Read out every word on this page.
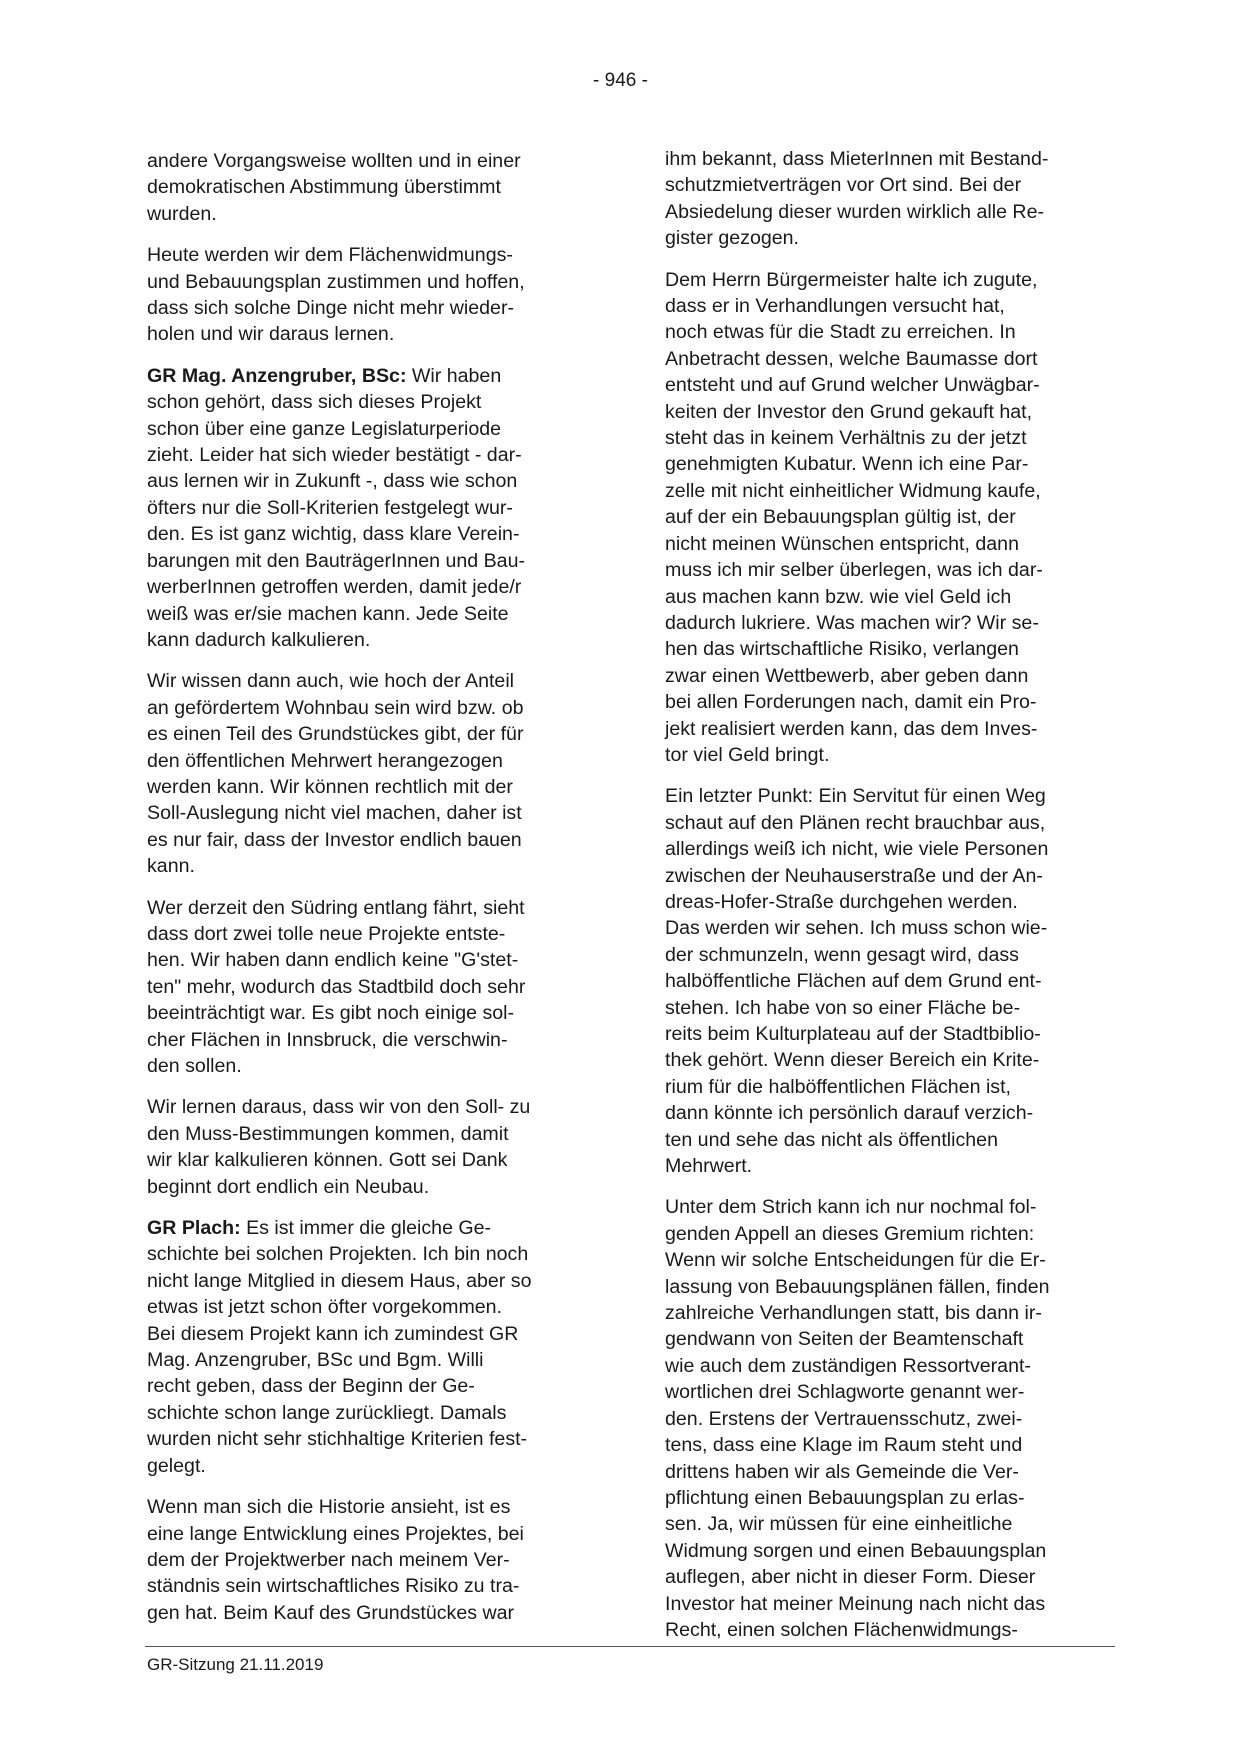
- 946 -
andere Vorgangsweise wollten und in einer
demokratischen Abstimmung überstimmt
wurden.
Heute werden wir dem Flächenwidmungs-
und Bebauungsplan zustimmen und hoffen,
dass sich solche Dinge nicht mehr wieder-
holen und wir daraus lernen.
GR Mag. Anzengruber, BSc: Wir haben
schon gehört, dass sich dieses Projekt
schon über eine ganze Legislaturperiode
zieht. Leider hat sich wieder bestätigt - dar-
aus lernen wir in Zukunft -, dass wie schon
öfters nur die Soll-Kriterien festgelegt wur-
den. Es ist ganz wichtig, dass klare Verein-
barungen mit den BauträgerInnen und Bau-
werberInnen getroffen werden, damit jede/r
weiß was er/sie machen kann. Jede Seite
kann dadurch kalkulieren.
Wir wissen dann auch, wie hoch der Anteil
an gefördertem Wohnbau sein wird bzw. ob
es einen Teil des Grundstückes gibt, der für
den öffentlichen Mehrwert herangezogen
werden kann. Wir können rechtlich mit der
Soll-Auslegung nicht viel machen, daher ist
es nur fair, dass der Investor endlich bauen
kann.
Wer derzeit den Südring entlang fährt, sieht
dass dort zwei tolle neue Projekte entste-
hen. Wir haben dann endlich keine "G'stet-
ten" mehr, wodurch das Stadtbild doch sehr
beeinträchtigt war. Es gibt noch einige sol-
cher Flächen in Innsbruck, die verschwin-
den sollen.
Wir lernen daraus, dass wir von den Soll- zu
den Muss-Bestimmungen kommen, damit
wir klar kalkulieren können. Gott sei Dank
beginnt dort endlich ein Neubau.
GR Plach: Es ist immer die gleiche Ge-
schichte bei solchen Projekten. Ich bin noch
nicht lange Mitglied in diesem Haus, aber so
etwas ist jetzt schon öfter vorgekommen.
Bei diesem Projekt kann ich zumindest GR
Mag. Anzengruber, BSc und Bgm. Willi
recht geben, dass der Beginn der Ge-
schichte schon lange zurückliegt. Damals
wurden nicht sehr stichhaltige Kriterien fest-
gelegt.
Wenn man sich die Historie ansieht, ist es
eine lange Entwicklung eines Projektes, bei
dem der Projektwerber nach meinem Ver-
ständnis sein wirtschaftliches Risiko zu tra-
gen hat. Beim Kauf des Grundstückes war
ihm bekannt, dass MieterInnen mit Bestand-
schutzmietverträgen vor Ort sind. Bei der
Absiedelung dieser wurden wirklich alle Re-
gister gezogen.
Dem Herrn Bürgermeister halte ich zugute,
dass er in Verhandlungen versucht hat,
noch etwas für die Stadt zu erreichen. In
Anbetracht dessen, welche Baumasse dort
entsteht und auf Grund welcher Unwägbar-
keiten der Investor den Grund gekauft hat,
steht das in keinem Verhältnis zu der jetzt
genehmigten Kubatur. Wenn ich eine Par-
zelle mit nicht einheitlicher Widmung kaufe,
auf der ein Bebauungsplan gültig ist, der
nicht meinen Wünschen entspricht, dann
muss ich mir selber überlegen, was ich dar-
aus machen kann bzw. wie viel Geld ich
dadurch lukriere. Was machen wir? Wir se-
hen das wirtschaftliche Risiko, verlangen
zwar einen Wettbewerb, aber geben dann
bei allen Forderungen nach, damit ein Pro-
jekt realisiert werden kann, das dem Inves-
tor viel Geld bringt.
Ein letzter Punkt: Ein Servitut für einen Weg
schaut auf den Plänen recht brauchbar aus,
allerdings weiß ich nicht, wie viele Personen
zwischen der Neuhauserstraße und der An-
dreas-Hofer-Straße durchgehen werden.
Das werden wir sehen. Ich muss schon wie-
der schmunzeln, wenn gesagt wird, dass
halböffentliche Flächen auf dem Grund ent-
stehen. Ich habe von so einer Fläche be-
reits beim Kulturplateau auf der Stadtbiblio-
thek gehört. Wenn dieser Bereich ein Krite-
rium für die halböffentlichen Flächen ist,
dann könnte ich persönlich darauf verzich-
ten und sehe das nicht als öffentlichen
Mehrwert.
Unter dem Strich kann ich nur nochmal fol-
genden Appell an dieses Gremium richten:
Wenn wir solche Entscheidungen für die Er-
lassung von Bebauungsplänen fällen, finden
zahlreiche Verhandlungen statt, bis dann ir-
gendwann von Seiten der Beamtenschaft
wie auch dem zuständigen Ressortverant-
wortlichen drei Schlagworte genannt wer-
den. Erstens der Vertrauensschutz, zwei-
tens, dass eine Klage im Raum steht und
drittens haben wir als Gemeinde die Ver-
pflichtung einen Bebauungsplan zu erlas-
sen. Ja, wir müssen für eine einheitliche
Widmung sorgen und einen Bebauungsplan
auflegen, aber nicht in dieser Form. Dieser
Investor hat meiner Meinung nach nicht das
Recht, einen solchen Flächenwidmungs-
GR-Sitzung 21.11.2019
